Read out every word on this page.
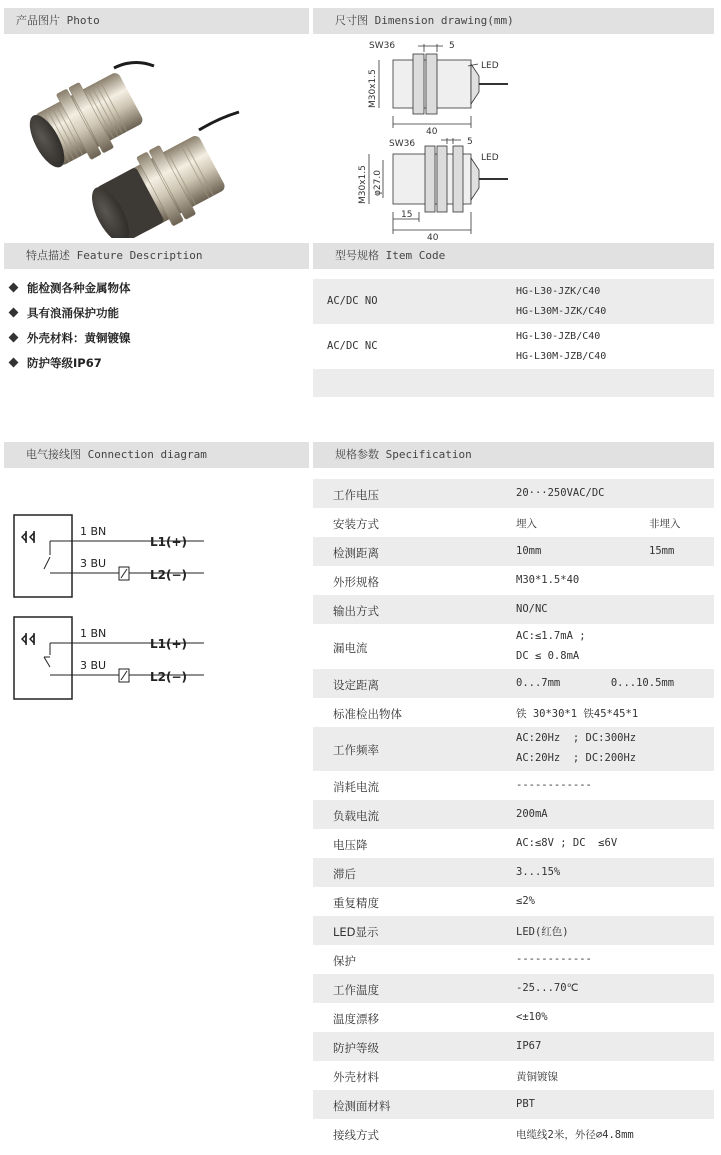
产品图片 Photo	尺寸图 Dimension drawing(mm)
特点描述 Feature Description	型号规格 Item Code
电气接线图 Connection diagram	规格参数 Specification
SW36	5
LED
M30x1.5
40
SW36	5
LED
M30x1.5 φ27.0
15
40
能检测各种金属物体
具有浪涌保护功能
外壳材料：黄铜镀镍
防护等级IP67
AC/DC NO
HG-L30-JZK/C40
HG-L30M-JZK/C40
AC/DC NC
HG-L30-JZB/C40
HG-L30M-JZB/C40
1 BN
3 BU
L1(+)
L2(−)
1 BN
3 BU
L1(+)
L2(−)
工作电压	20···250VAC/DC
安装方式	埋入	非埋入
检测距离	10mm	15mm
外形规格	M30*1.5*40
输出方式	NO/NC
漏电流
AC:≤1.7mA ;
DC ≤ 0.8mA
设定距离	0...7mm        0...10.5mm
标准检出物体	铁 30*30*1 铁45*45*1
工作频率
AC:20Hz  ; DC:300Hz
AC:20Hz  ; DC:200Hz
消耗电流	------------
负载电流	200mA
电压降	AC:≤8V ; DC  ≤6V
滞后	3...15%
重复精度	≤2%
LED显示	LED(红色)
保护	------------
工作温度	-25...70℃
温度漂移	<±10%
防护等级	IP67
外壳材料	黄铜镀镍
检测面材料	PBT
接线方式	电缆线2米，外径∅4.8mm
